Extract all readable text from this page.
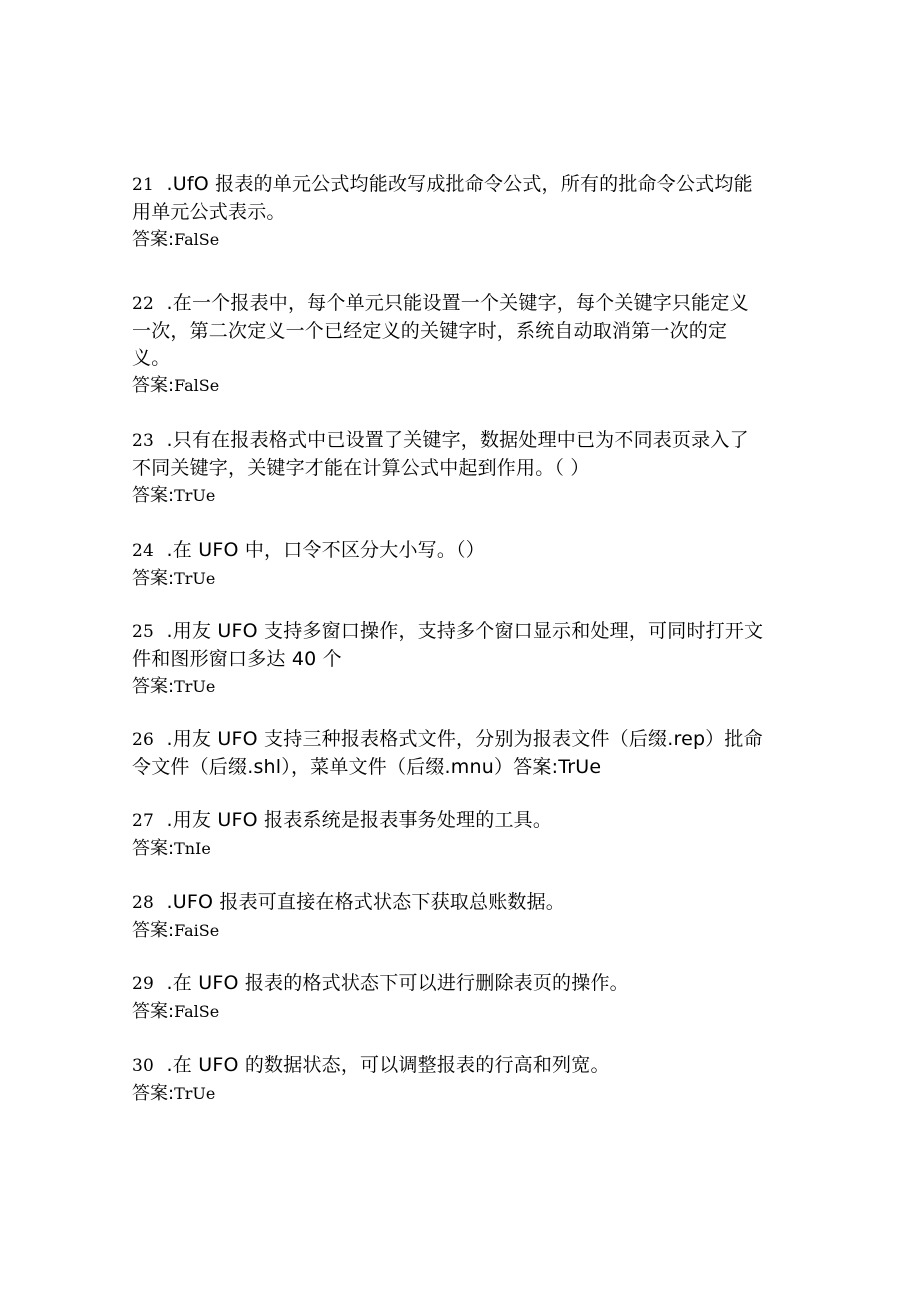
21 .UfO 报表的单元公式均能改写成批命令公式，所有的批命令公式均能
用单元公式表示。
答案:FalSe
22 .在一个报表中，每个单元只能设置一个关键字，每个关键字只能定义
一次，第二次定义一个已经定义的关键字时，系统自动取消第一次的定
义。
答案:FalSe
23 .只有在报表格式中已设置了关键字，数据处理中已为不同表页录入了
不同关键字，关键字才能在计算公式中起到作用。（ ）
答案:TrUe
24 .在 UFO 中，口令不区分大小写。（）
答案:TrUe
25 .用友 UFO 支持多窗口操作，支持多个窗口显示和处理，可同时打开文
件和图形窗口多达 40 个
答案:TrUe
26 .用友 UFO 支持三种报表格式文件，分别为报表文件（后缀.rep）批命
令文件（后缀.shl），菜单文件（后缀.mnu）答案:TrUe
27 .用友 UFO 报表系统是报表事务处理的工具。
答案:TnIe
28 .UFO 报表可直接在格式状态下获取总账数据。
答案:FaiSe
29 .在 UFO 报表的格式状态下可以进行删除表页的操作。
答案:FalSe
30 .在 UFO 的数据状态，可以调整报表的行高和列宽。
答案:TrUe
